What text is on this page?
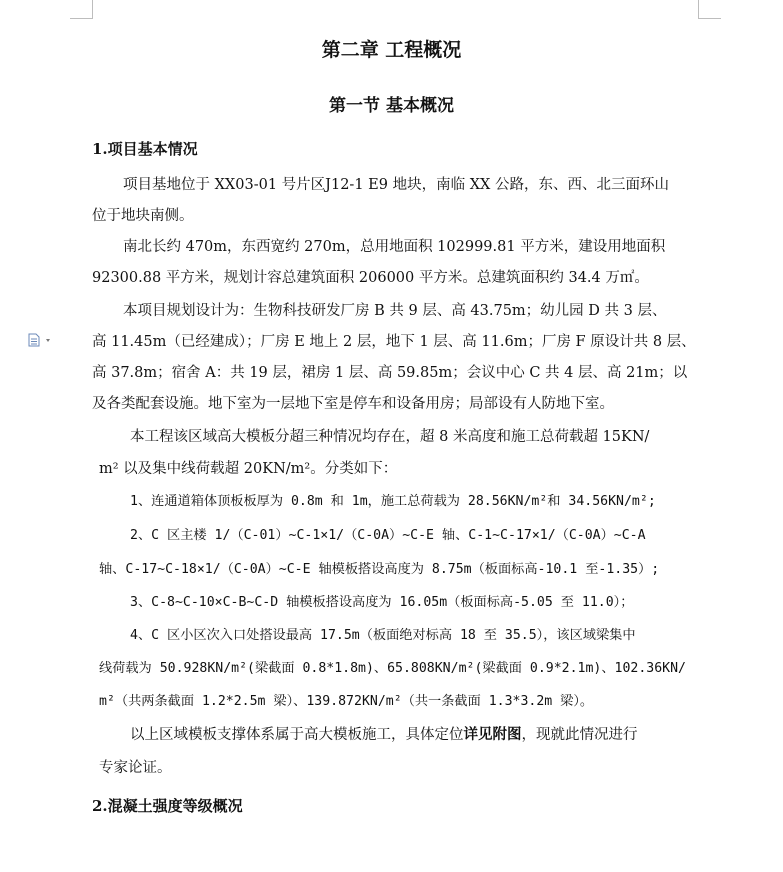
第二章 工程概况
第一节 基本概况
1.项目基本情况
项目基地位于 XX03-01 号片区J12-1 E9 地块，南临 XX 公路，东、西、北三面环山
位于地块南侧。
南北长约 470m，东西宽约 270m，总用地面积 102999.81 平方米，建设用地面积
92300.88 平方米，规划计容总建筑面积 206000 平方米。总建筑面积约 34.4 万㎡。
本项目规划设计为：生物科技研发厂房 B 共 9 层、高 43.75m；幼儿园 D 共 3 层、
高 11.45m（已经建成）；厂房 E 地上 2 层，地下 1 层、高 11.6m；厂房 F 原设计共 8 层、
高 37.8m；宿舍 A：共 19 层，裙房 1 层、高 59.85m；会议中心 C 共 4 层、高 21m；以
及各类配套设施。地下室为一层地下室是停车和设备用房；局部设有人防地下室。
本工程该区域高大模板分超三种情况均存在，超 8 米高度和施工总荷载超 15KN/
m² 以及集中线荷载超 20KN/m²。分类如下：
1、连通道箱体顶板板厚为 0.8m 和 1m，施工总荷载为 28.56KN/m²和 34.56KN/m²;
2、C 区主楼 1/（C-01）~C-1×1/（C-0A）~C-E 轴、C-1~C-17×1/（C-0A）~C-A
轴、C-17~C-18×1/（C-0A）~C-E 轴模板搭设高度为 8.75m（板面标高-10.1 至-1.35）;
3、C-8~C-10×C-B~C-D 轴模板搭设高度为 16.05m（板面标高-5.05 至 11.0）；
4、C 区小区次入口处搭设最高 17.5m（板面绝对标高 18 至 35.5），该区域梁集中
线荷载为 50.928KN/m²(梁截面 0.8*1.8m)、65.808KN/m²(梁截面 0.9*2.1m)、102.36KN/
m²（共两条截面 1.2*2.5m 梁）、139.872KN/m²（共一条截面 1.3*3.2m 梁）。
以上区域模板支撑体系属于高大模板施工，具体定位详见附图，现就此情况进行
专家论证。
2.混凝土强度等级概况
